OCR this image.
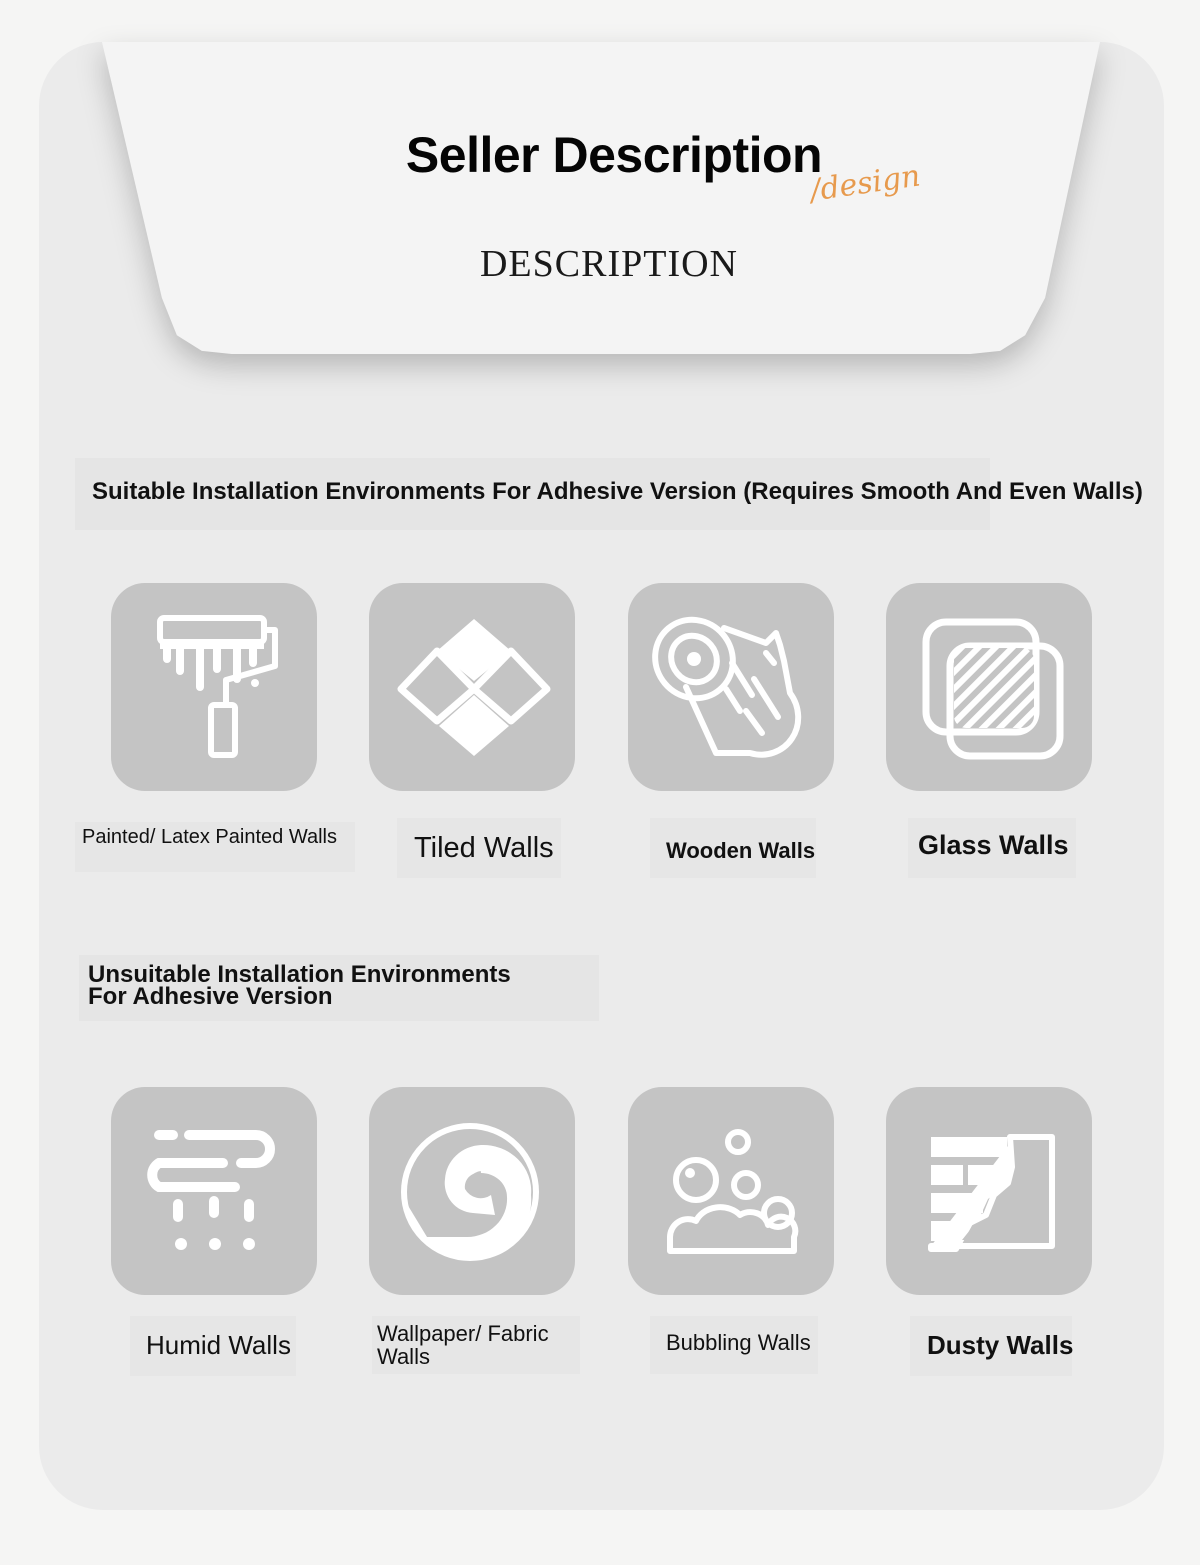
Seller Description
/design
DESCRIPTION
Suitable Installation Environments For Adhesive Version (Requires Smooth And Even Walls)
Painted/ Latex Painted Walls	Tiled Walls	Wooden Walls	Glass Walls
Unsuitable Installation Environments
For Adhesive Version
Humid Walls	Wallpaper/ Fabric Walls
Bubbling Walls	Dusty Walls
